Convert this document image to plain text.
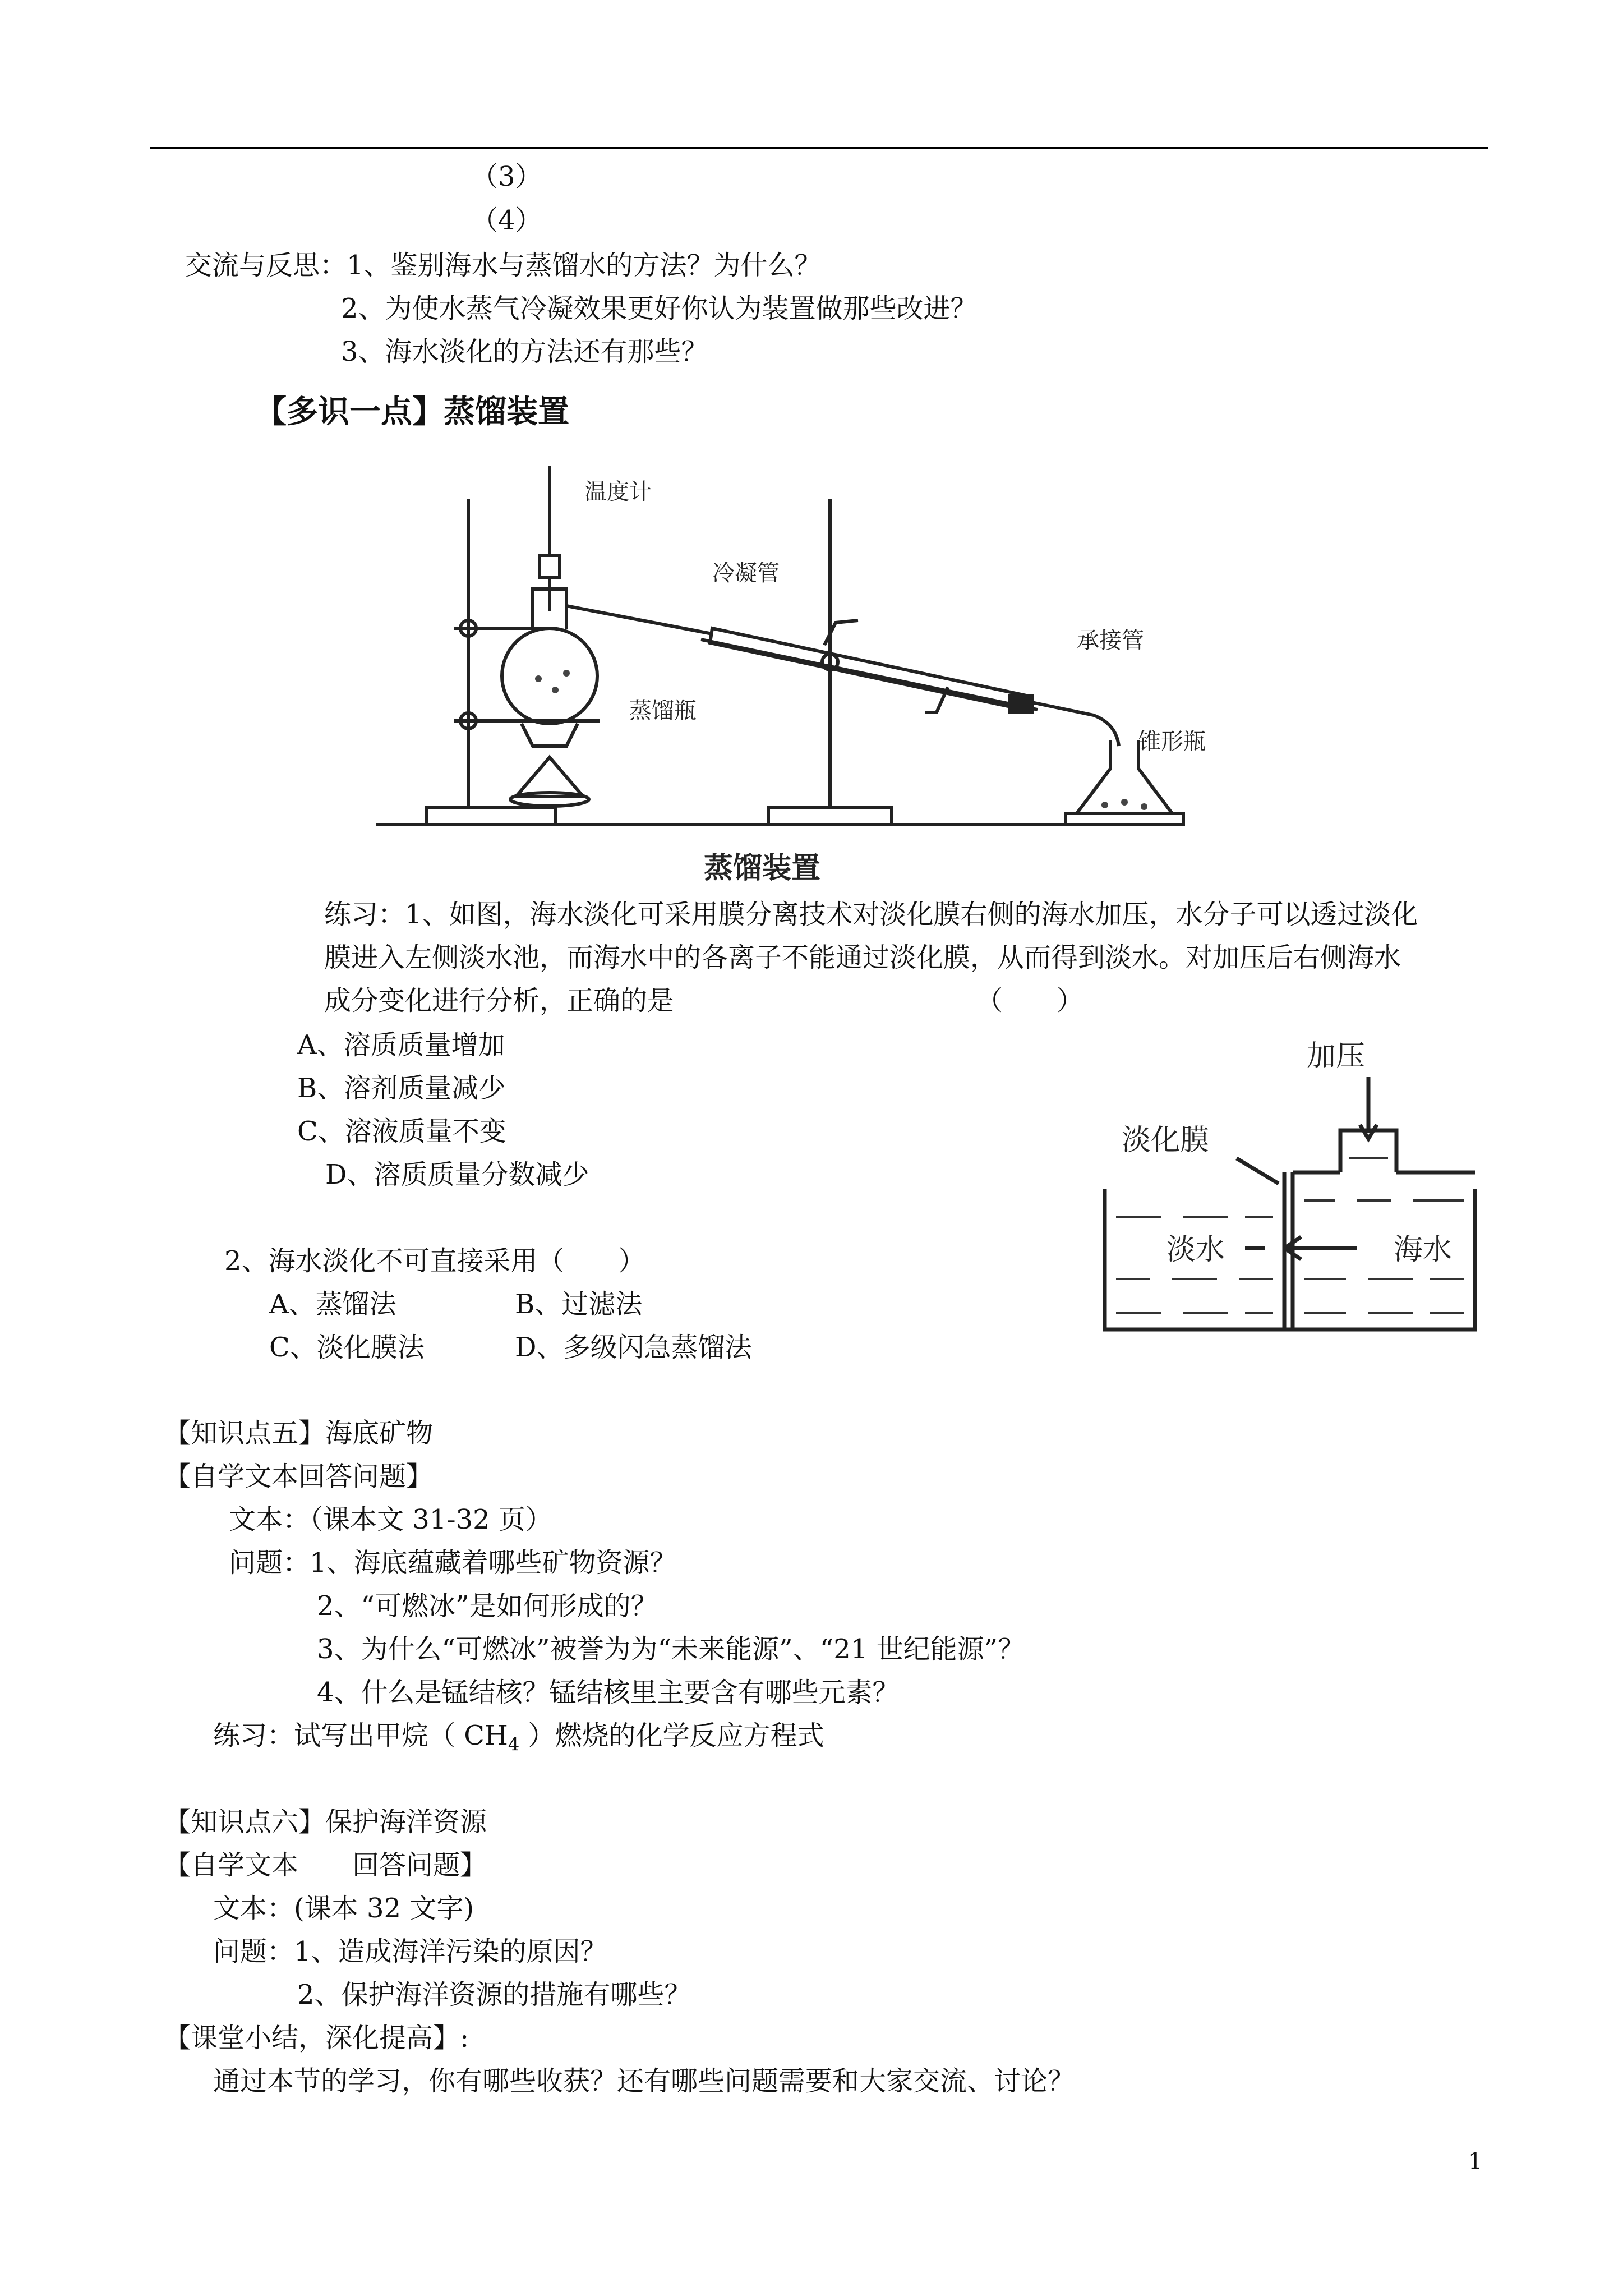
（3）
（4）
交流与反思：1、鉴别海水与蒸馏水的方法？为什么？
2、为使水蒸气冷凝效果更好你认为装置做那些改进？
3、海水淡化的方法还有那些？
【多识一点】蒸馏装置
温度计
冷凝管
承接管
蒸馏瓶
锥形瓶
蒸馏装置
练习：1、如图，海水淡化可采用膜分离技术对淡化膜右侧的海水加压，水分子可以透过淡化
膜进入左侧淡水池，而海水中的各离子不能通过淡化膜，从而得到淡水。对加压后右侧海水
成分变化进行分析，正确的是	（　　）
A、溶质质量增加
B、溶剂质量减少
C、溶液质量不变
D、溶质质量分数减少
加压
淡化膜
淡水	海水
2、海水淡化不可直接采用（　　）
A、蒸馏法	B、过滤法
C、淡化膜法	D、多级闪急蒸馏法
【知识点五】海底矿物
【自学文本回答问题】
文本：（课本文 31-32 页）
问题：1、海底蕴藏着哪些矿物资源？
2、“可燃冰”是如何形成的？
3、为什么“可燃冰”被誉为为“未来能源”、“21 世纪能源”？
4、什么是锰结核？锰结核里主要含有哪些元素？
练习：试写出甲烷（ $CH_4$ ）燃烧的化学反应方程式
【知识点六】保护海洋资源
【自学文本　　回答问题】
文本：(课本 32 文字)
问题：1、造成海洋污染的原因？
2、保护海洋资源的措施有哪些？
【课堂小结，深化提高】:
通过本节的学习，你有哪些收获？还有哪些问题需要和大家交流、讨论？
1
